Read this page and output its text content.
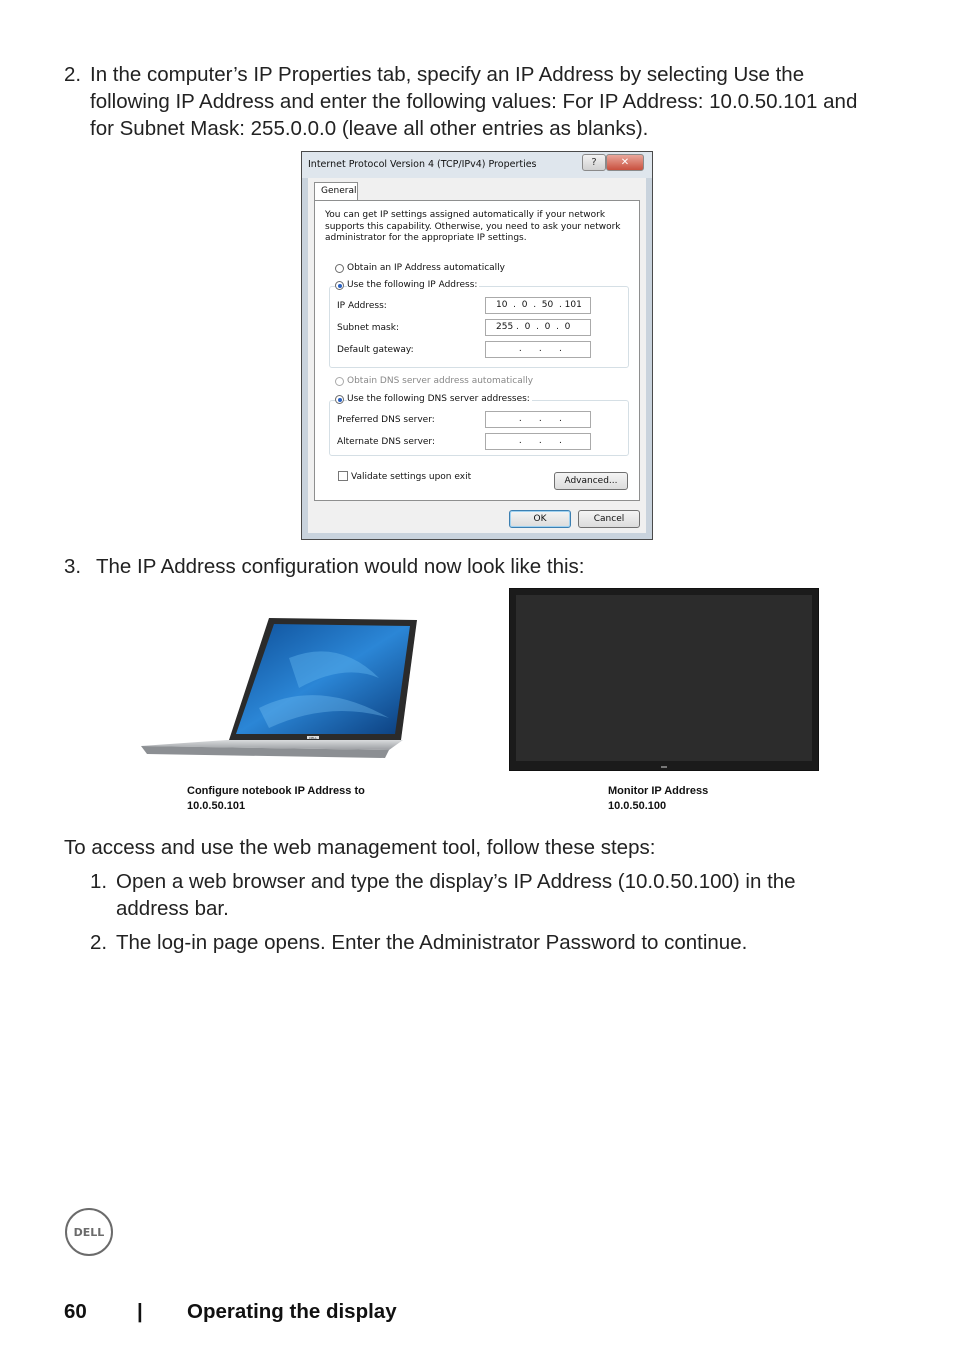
2. In the computer’s IP Properties tab, specify an IP Address by selecting Use the
following IP Address and enter the following values: For IP Address: 10.0.50.101 and
for Subnet Mask: 255.0.0.0 (leave all other entries as blanks).
Internet Protocol Version 4 (TCP/IPv4) Properties	?	✕
General
You can get IP settings assigned automatically if your network supports this capability. Otherwise, you need to ask your network administrator for the appropriate IP settings.
Obtain an IP Address automatically
Use the following IP Address:
IP Address:	10  .  0  .  50  . 101
Subnet mask:	255 .  0  .  0  .  0
Default gateway:	.      .      .
Obtain DNS server address automatically
Use the following DNS server addresses:
Preferred DNS server:	.      .      .
Alternate DNS server:	.      .      .
Validate settings upon exit	Advanced...
OK	Cancel
3. The IP Address configuration would now look like this:
DELL
Configure notebook IP Address to
10.0.50.101
Monitor IP Address
10.0.50.100
To access and use the web management tool, follow these steps:
1. Open a web browser and type the display’s IP Address (10.0.50.100) in the
address bar.
2. The log-in page opens. Enter the Administrator Password to continue.
DELL
60 | Operating the display
